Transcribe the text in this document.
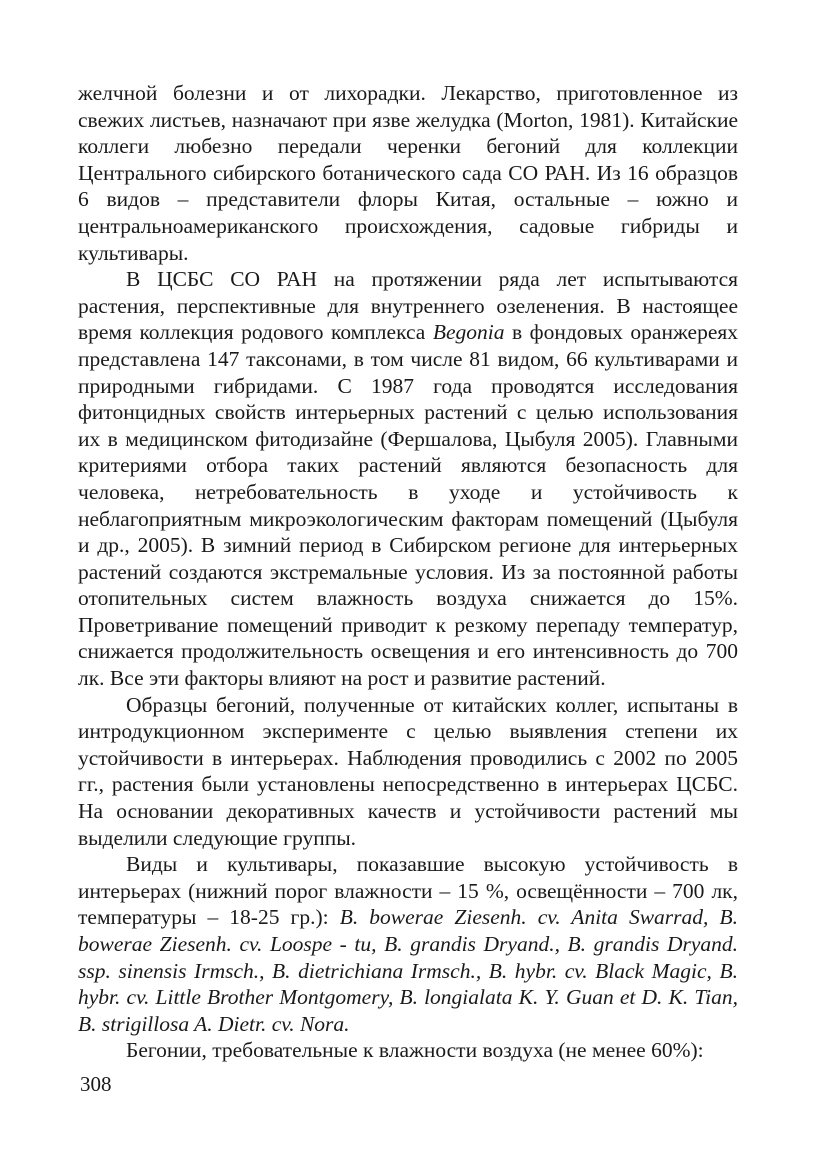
желчной болезни и от лихорадки. Лекарство, приготовленное из свежих листьев, назначают при язве желудка (Morton, 1981). Китайские коллеги любезно передали черенки бегоний для коллекции Центрального сибирского ботанического сада СО РАН. Из 16 образцов 6 видов – представители флоры Китая, остальные – южно и центральноамериканского происхождения, садовые гибриды и культивары.

В ЦСБС СО РАН на протяжении ряда лет испытываются растения, перспективные для внутреннего озеленения. В настоящее время коллекция родового комплекса Begonia в фондовых оранжереях представлена 147 таксонами, в том числе 81 видом, 66 культиварами и природными гибридами. С 1987 года проводятся исследования фитонцидных свойств интерьерных растений с целью использования их в медицинском фитодизайне (Фершалова, Цыбуля 2005). Главными критериями отбора таких растений являются безопасность для человека, нетребовательность в уходе и устойчивость к неблагоприятным микроэкологическим факторам помещений (Цыбуля и др., 2005). В зимний период в Сибирском регионе для интерьерных растений создаются экстремальные условия. Из за постоянной работы отопительных систем влажность воздуха снижается до 15%. Проветривание помещений приводит к резкому перепаду температур, снижается продолжительность освещения и его интенсивность до 700 лк. Все эти факторы влияют на рост и развитие растений.

Образцы бегоний, полученные от китайских коллег, испытаны в интродукционном эксперименте с целью выявления степени их устойчивости в интерьерах. Наблюдения проводились с 2002 по 2005 гг., растения были установлены непосредственно в интерьерах ЦСБС. На основании декоративных качеств и устойчивости растений мы выделили следующие группы.

Виды и культивары, показавшие высокую устойчивость в интерьерах (нижний порог влажности – 15 %, освещённости – 700 лк, температуры – 18-25 гр.): B. bowerae Ziesenh. cv. Anita Swarrad, B. bowerae Ziesenh. cv. Loospe - tu, B. grandis Dryand., B. grandis Dryand. ssp. sinensis Irmsch., B. dietrichiana Irmsch., B. hybr. cv. Black Magic, B. hybr. cv. Little Brother Montgomery, B. longialata K. Y. Guan et D. K. Tian, B. strigillosa A. Dietr. cv. Nora.

Бегонии, требовательные к влажности воздуха (не менее 60%):

308
